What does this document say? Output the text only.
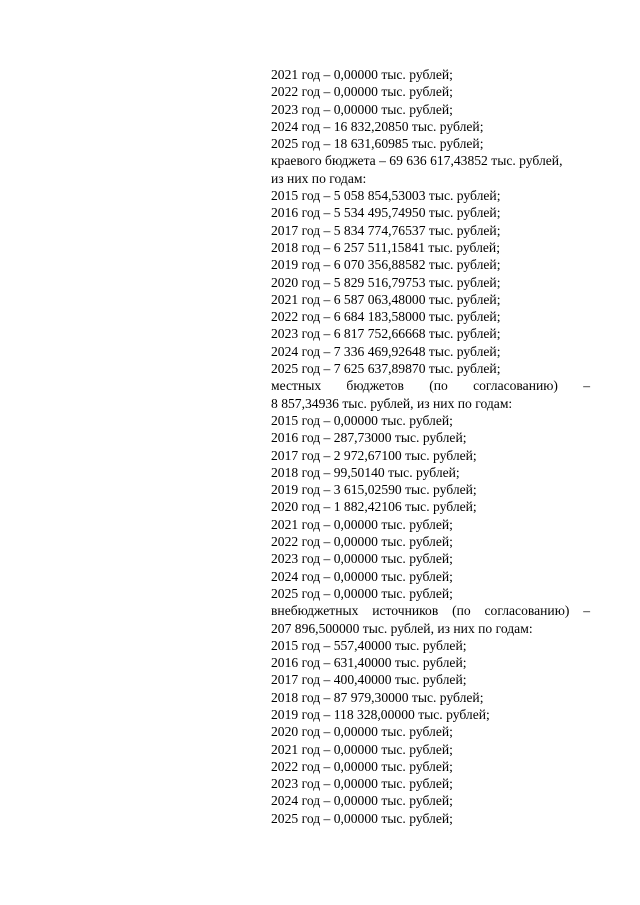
2021 год – 0,00000 тыс. рублей;
2022 год – 0,00000 тыс. рублей;
2023 год – 0,00000 тыс. рублей;
2024 год – 16 832,20850 тыс. рублей;
2025 год – 18 631,60985 тыс. рублей;
краевого бюджета – 69 636 617,43852 тыс. рублей,
из них по годам:
2015 год – 5 058 854,53003 тыс. рублей;
2016 год – 5 534 495,74950 тыс. рублей;
2017 год – 5 834 774,76537 тыс. рублей;
2018 год – 6 257 511,15841 тыс. рублей;
2019 год – 6 070 356,88582 тыс. рублей;
2020 год – 5 829 516,79753 тыс. рублей;
2021 год – 6 587 063,48000 тыс. рублей;
2022 год – 6 684 183,58000 тыс. рублей;
2023 год – 6 817 752,66668 тыс. рублей;
2024 год – 7 336 469,92648 тыс. рублей;
2025 год – 7 625 637,89870 тыс. рублей;
местных бюджетов (по согласованию) –
8 857,34936 тыс. рублей, из них по годам:
2015 год – 0,00000 тыс. рублей;
2016 год – 287,73000 тыс. рублей;
2017 год – 2 972,67100 тыс. рублей;
2018 год – 99,50140 тыс. рублей;
2019 год – 3 615,02590 тыс. рублей;
2020 год – 1 882,42106 тыс. рублей;
2021 год – 0,00000 тыс. рублей;
2022 год – 0,00000 тыс. рублей;
2023 год – 0,00000 тыс. рублей;
2024 год – 0,00000 тыс. рублей;
2025 год – 0,00000 тыс. рублей;
внебюджетных источников (по согласованию) –
207 896,500000 тыс. рублей, из них по годам:
2015 год – 557,40000 тыс. рублей;
2016 год – 631,40000 тыс. рублей;
2017 год – 400,40000 тыс. рублей;
2018 год – 87 979,30000 тыс. рублей;
2019 год – 118 328,00000 тыс. рублей;
2020 год – 0,00000 тыс. рублей;
2021 год – 0,00000 тыс. рублей;
2022 год – 0,00000 тыс. рублей;
2023 год – 0,00000 тыс. рублей;
2024 год – 0,00000 тыс. рублей;
2025 год – 0,00000 тыс. рублей;
